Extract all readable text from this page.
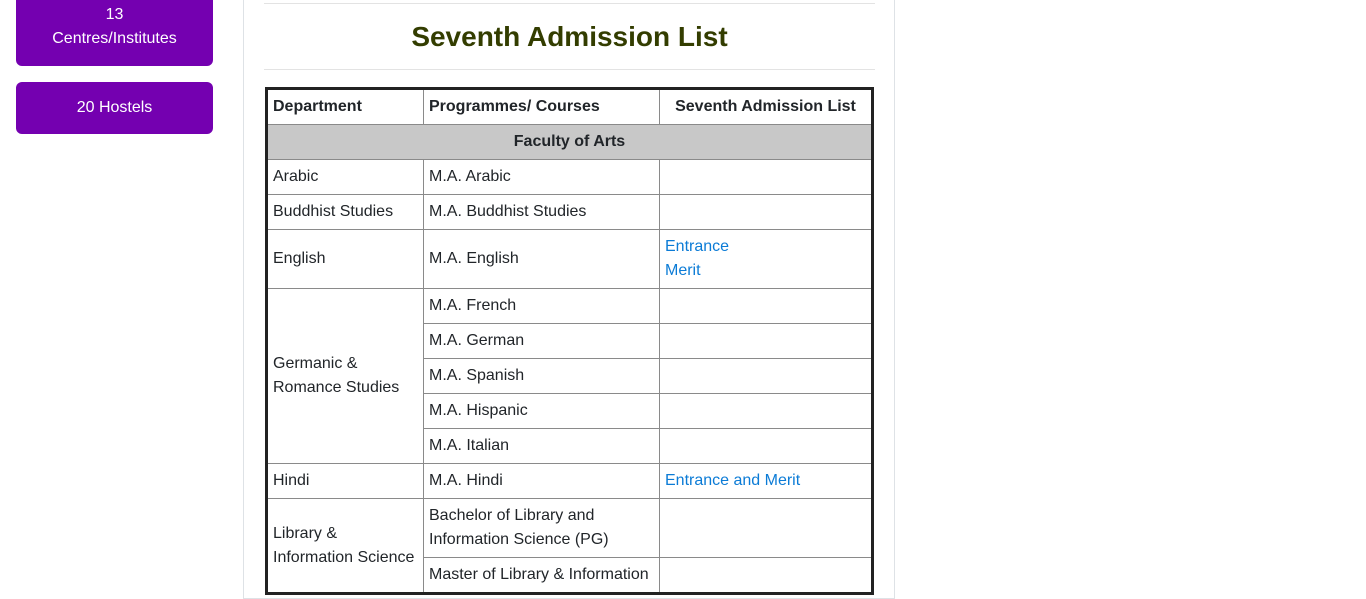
13
Centres/Institutes
20 Hostels
Seventh Admission List
Department	Programmes/ Courses	Seventh Admission List
Faculty of Arts		
Arabic	M.A. Arabic	
Buddhist Studies	M.A. Buddhist Studies	
English	M.A. English	Entrance
Merit

Germanic & Romance Studies	M.A. French	
	M.A. German	
	M.A. Spanish	
	M.A. Hispanic	
	M.A. Italian	
Hindi	M.A. Hindi	Entrance and Merit

Library & Information Science	Bachelor of Library and Information Science (PG)	
	Master of Library & Information	
